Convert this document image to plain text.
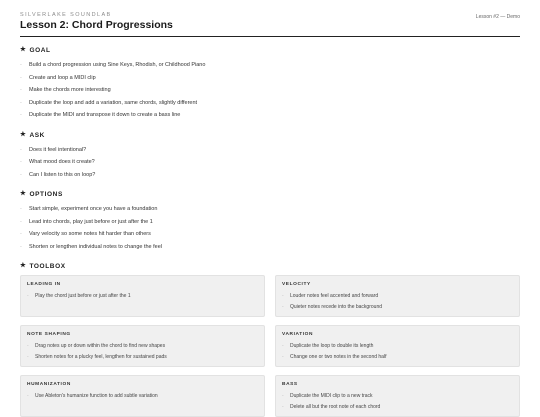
SILVERLAKE SOUNDLAB
Lesson 2: Chord Progressions
Lesson #2 — Demo
★ GOAL
-	Build a chord progression using Sine Keys, Rhodish, or Childhood Piano
-	Create and loop a MIDI clip
-	Make the chords more interesting
-	Duplicate the loop and add a variation, same chords, slightly different
-	Duplicate the MIDI and transpose it down to create a bass line
★ ASK
-	Does it feel intentional?
-	What mood does it create?
-	Can I listen to this on loop?
★ OPTIONS
-	Start simple, experiment once you have a foundation
-	Lead into chords, play just before or just after the 1
-	Vary velocity so some notes hit harder than others
-	Shorten or lengthen individual notes to change the feel
★ TOOLBOX
LEADING IN
-	Play the chord just before or just after the 1
VELOCITY
-	Louder notes feel accented and forward
-	Quieter notes recede into the background
NOTE SHAPING
-	Drag notes up or down within the chord to find new shapes
-	Shorten notes for a plucky feel, lengthen for sustained pads
VARIATION
-	Duplicate the loop to double its length
-	Change one or two notes in the second half
HUMANIZATION
-	Use Ableton's humanize function to add subtle variation
BASS
-	Duplicate the MIDI clip to a new track
-	Delete all but the root note of each chord
